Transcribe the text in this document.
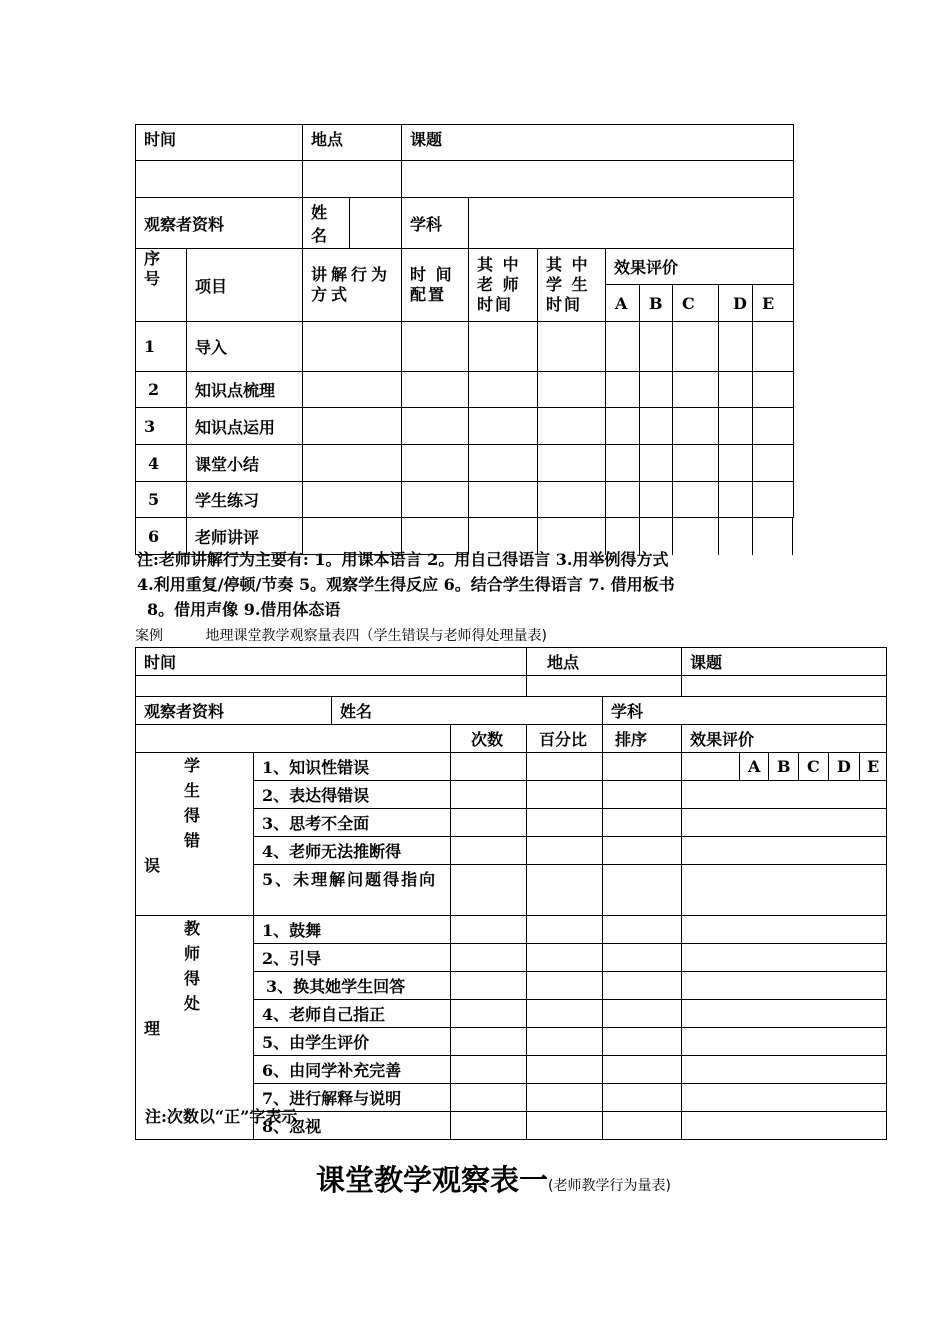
时间		地点		课题							

观察者资料		姓名		学科							
序号	项目	讲解行为方式		时 间 配置	其 中 老 师 时间	其 中 学 生 时间	效果评价				
							A	B	C	D	E
1	导入										
2	知识点梳理										
3	知识点运用										
4	课堂小结										
5	学生练习										
6	老师讲评										
注:老师讲解行为主要有: 1。用课本语言 2。用自己得语言 3.用举例得方式
4.利用重复/停顿/节奏 5。观察学生得反应 6。结合学生得语言 7. 借用板书
8。借用声像 9.借用体态语
案例	地理课堂教学观察量表四（学生错误与老师得处理量表)
时间				地点		课题					

观察者资料		姓名			学科						
			次数	百分比	排序	效果评价					

学
生
得
错
误	1、知识性错误						A	B	C	D	E
	2、表达得错误										
	3、思考不全面										
	4、老师无法推断得										
	5、未理解问题得指向										

教
师
得
处
理	1、鼓舞										
	2、引导										
	3、换其她学生回答										
	4、老师自己指正										
	5、由学生评价										
	6、由同学补充完善										
	7、进行解释与说明										
	8、忽视										
注:次数以“正”字表示
课堂教学观察表一(老师教学行为量表)
